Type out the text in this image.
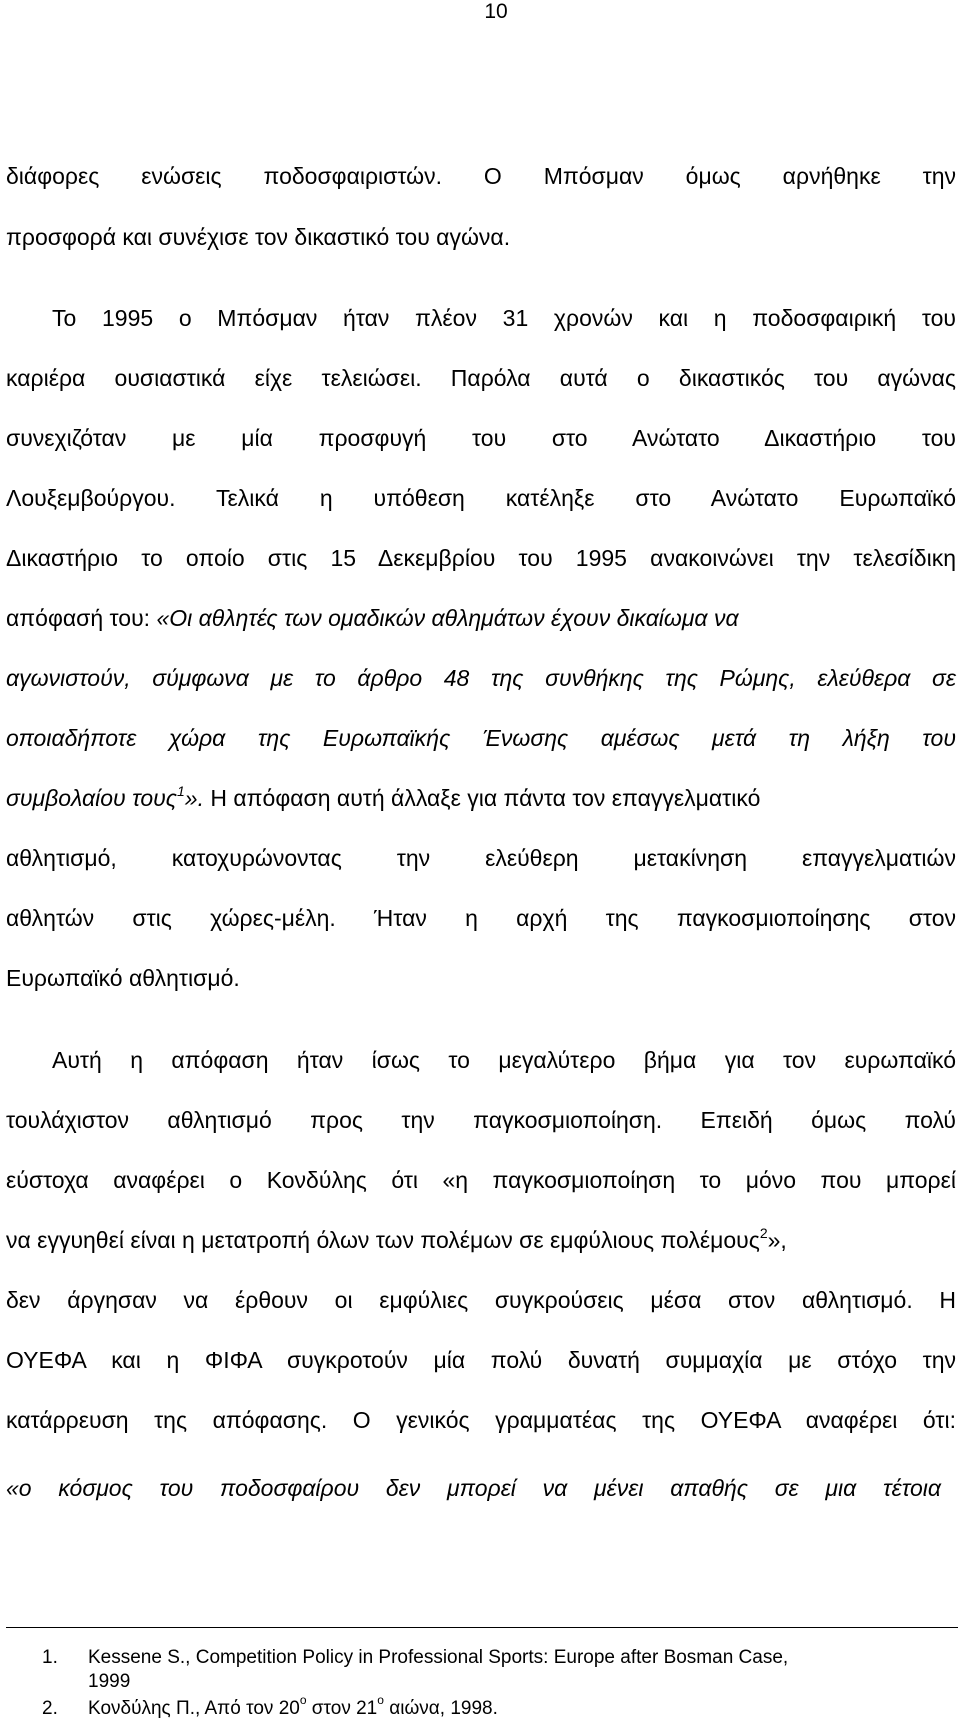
10
διάφορες ενώσεις ποδοσφαιριστών. Ο Μπόσμαν όμως αρνήθηκε την
προσφορά και συνέχισε τον δικαστικό του αγώνα.
Το 1995 ο Μπόσμαν ήταν πλέον 31 χρονών και η ποδοσφαιρική του
καριέρα ουσιαστικά είχε τελειώσει. Παρόλα αυτά ο δικαστικός του αγώνας
συνεχιζόταν με μία προσφυγή του στο Ανώτατο Δικαστήριο του
Λουξεμβούργου. Τελικά η υπόθεση κατέληξε στο Ανώτατο Ευρωπαϊκό
Δικαστήριο το οποίο στις 15 Δεκεμβρίου του 1995 ανακοινώνει την τελεσίδικη
απόφασή του: «Οι αθλητές των ομαδικών αθλημάτων έχουν δικαίωμα να
αγωνιστούν, σύμφωνα με το άρθρο 48 της συνθήκης της Ρώμης, ελεύθερα σε
οποιαδήποτε χώρα της Ευρωπαϊκής Ένωσης αμέσως μετά τη λήξη του
συμβολαίου τους$^1$». Η απόφαση αυτή άλλαξε για πάντα τον επαγγελματικό
αθλητισμό, κατοχυρώνοντας την ελεύθερη μετακίνηση επαγγελματιών
αθλητών στις χώρες-μέλη. Ήταν η αρχή της παγκοσμιοποίησης στον
Ευρωπαϊκό αθλητισμό.
Αυτή η απόφαση ήταν ίσως το μεγαλύτερο βήμα για τον ευρωπαϊκό
τουλάχιστον αθλητισμό προς την παγκοσμιοποίηση. Επειδή όμως πολύ
εύστοχα αναφέρει ο Κονδύλης ότι «η παγκοσμιοποίηση το μόνο που μπορεί
να εγγυηθεί είναι η μετατροπή όλων των πολέμων σε εμφύλιους πολέμους$^2$»,
δεν άργησαν να έρθουν οι εμφύλιες συγκρούσεις μέσα στον αθλητισμό. Η
ΟΥΕΦΑ και η ΦΙΦΑ συγκροτούν μία πολύ δυνατή συμμαχία με στόχο την
κατάρρευση της απόφασης. Ο γενικός γραμματέας της ΟΥΕΦΑ αναφέρει ότι:
«ο κόσμος του ποδοσφαίρου δεν μπορεί να μένει απαθής σε μια τέτοια
1. Kessene S., Competition Policy in Professional Sports: Europe after Bosman Case,
1999
2. Κονδύλης Π., Από τον $20^o$ στον $21^o$ αιώνα, 1998.
